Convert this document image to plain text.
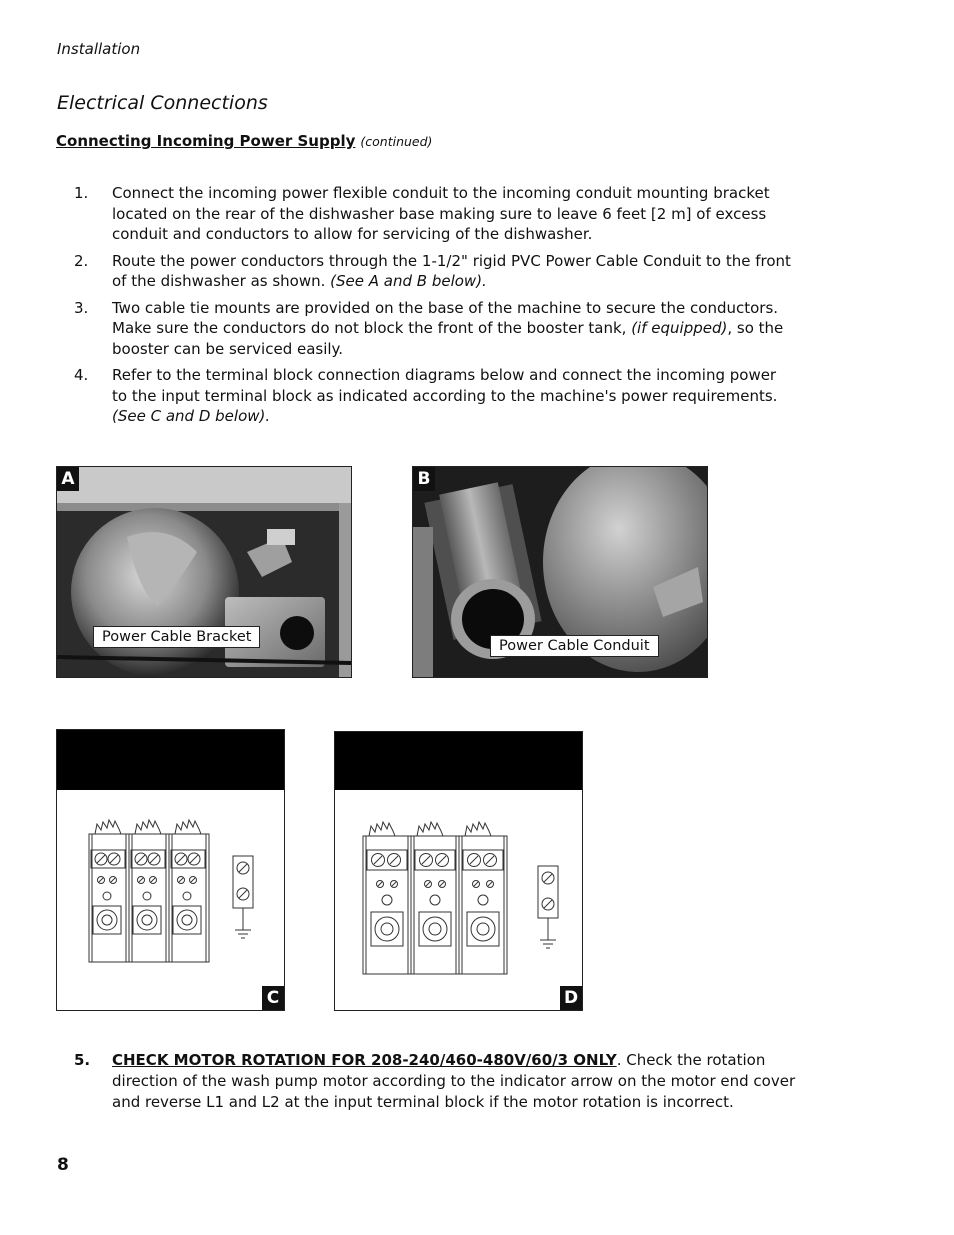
Installation
Electrical Connections
Connecting Incoming Power Supply (continued)
1.	Connect the incoming power flexible conduit to the incoming conduit mounting bracket located on the rear of the dishwasher base making sure to leave 6 feet [2 m] of excess conduit and conductors to allow for servicing of the dishwasher.
2.	Route the power conductors through the 1-1/2" rigid PVC Power Cable Conduit to the front of the dishwasher as shown. (See A and B below).
3.	Two cable tie mounts are provided on the base of the machine to secure the conductors. Make sure the conductors do not block the front of the booster tank, (if equipped), so the booster can be serviced easily.
4.	Refer to the terminal block connection diagrams below and connect the incoming power to the input terminal block as indicated according to the machine's power requirements. (See C and D below).
A
Power Cable Bracket
B
Power Cable Conduit
C	D
5.	CHECK MOTOR ROTATION FOR 208-240/460-480V/60/3 ONLY. Check the rotation direction of the wash pump motor according to the indicator arrow on the motor end cover and reverse L1 and L2 at the input terminal block if the motor rotation is incorrect.
8
